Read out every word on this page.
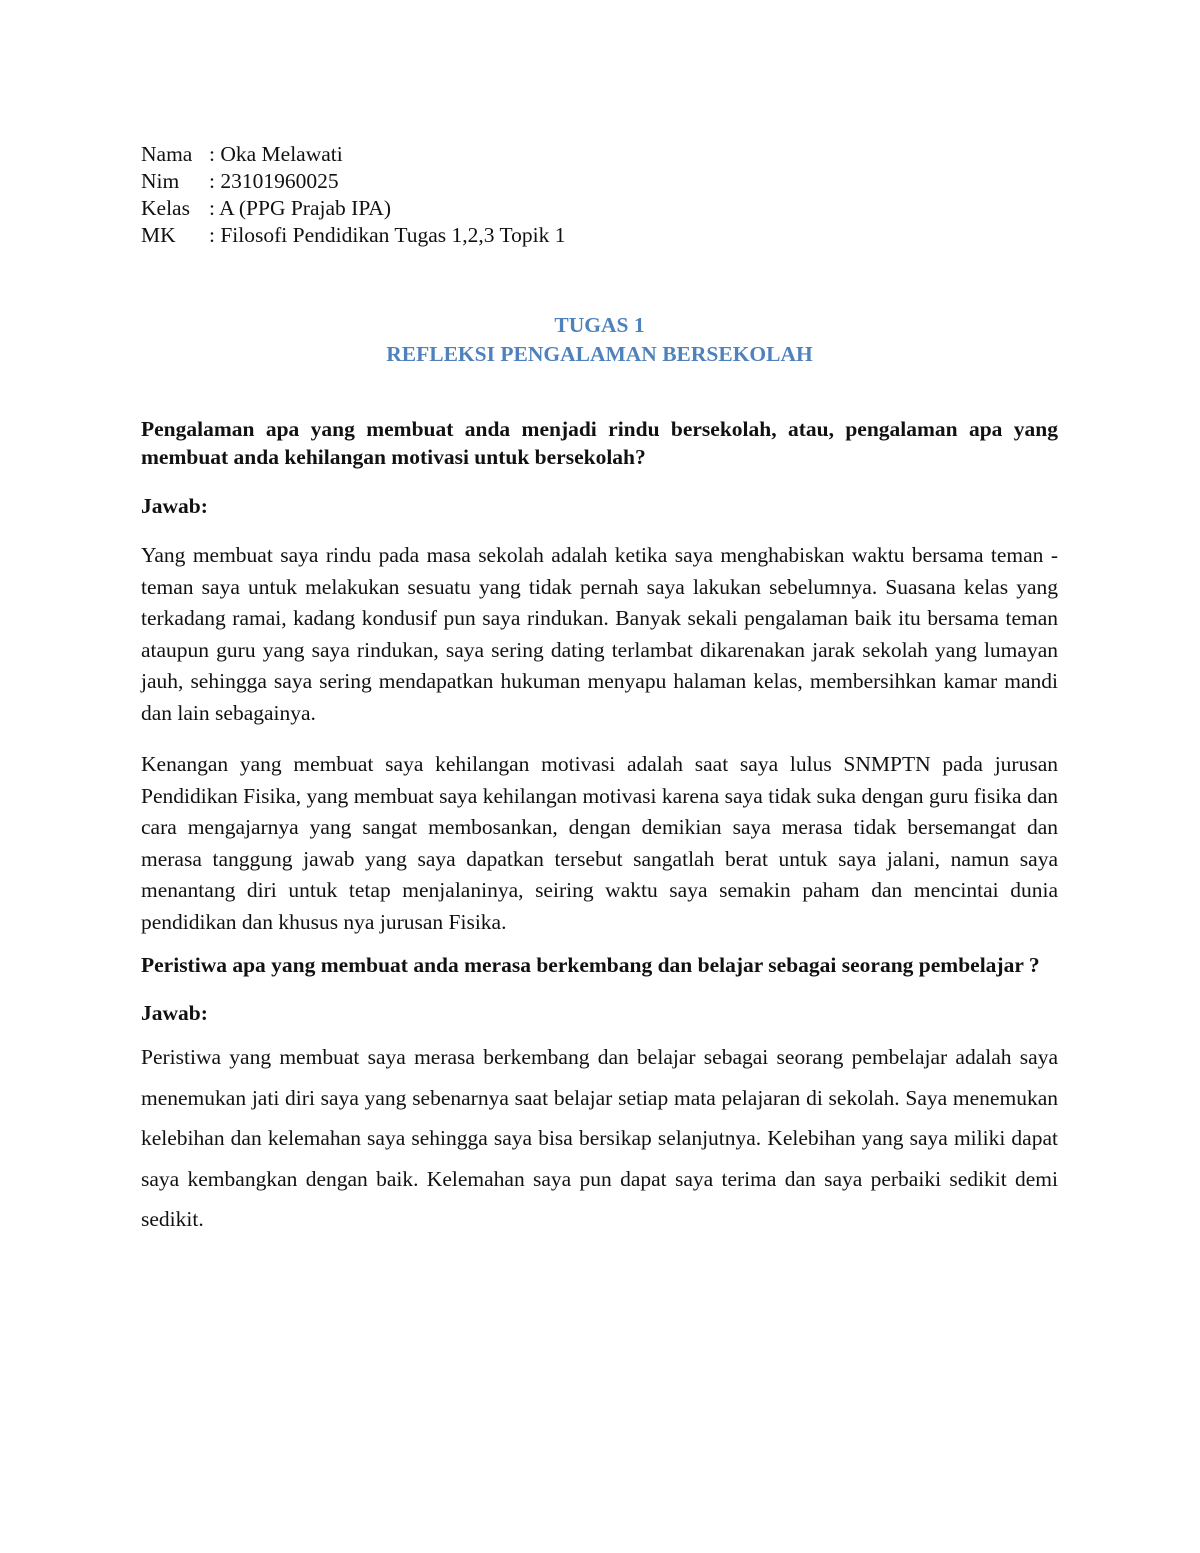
Nama : Oka Melawati
Nim	: 23101960025
Kelas : A (PPG Prajab IPA)
MK	: Filosofi Pendidikan Tugas 1,2,3 Topik 1
TUGAS 1
REFLEKSI PENGALAMAN BERSEKOLAH
Pengalaman apa yang membuat anda menjadi rindu bersekolah, atau, pengalaman apa yang membuat anda kehilangan motivasi untuk bersekolah?
Jawab:
Yang membuat saya rindu pada masa sekolah adalah ketika saya menghabiskan waktu bersama teman - teman saya untuk melakukan sesuatu yang tidak pernah saya lakukan sebelumnya. Suasana kelas yang terkadang ramai, kadang kondusif pun saya rindukan. Banyak sekali pengalaman baik itu bersama teman ataupun guru yang saya rindukan, saya sering dating terlambat dikarenakan jarak sekolah yang lumayan jauh, sehingga saya sering mendapatkan hukuman menyapu halaman kelas, membersihkan kamar mandi dan lain sebagainya.
Kenangan yang membuat saya kehilangan motivasi adalah saat saya lulus SNMPTN pada jurusan Pendidikan Fisika, yang membuat saya kehilangan motivasi karena saya tidak suka dengan guru fisika dan cara mengajarnya yang sangat membosankan, dengan demikian saya merasa tidak bersemangat dan merasa tanggung jawab yang saya dapatkan tersebut sangatlah berat untuk saya jalani, namun saya menantang diri untuk tetap menjalaninya, seiring waktu saya semakin paham dan mencintai dunia pendidikan dan khusus nya jurusan Fisika.
Peristiwa apa yang membuat anda merasa berkembang dan belajar sebagai seorang pembelajar ?
Jawab:
Peristiwa yang membuat saya merasa berkembang dan belajar sebagai seorang pembelajar adalah saya menemukan jati diri saya yang sebenarnya saat belajar setiap mata pelajaran di sekolah. Saya menemukan kelebihan dan kelemahan saya sehingga saya bisa bersikap selanjutnya. Kelebihan yang saya miliki dapat saya kembangkan dengan baik. Kelemahan saya pun dapat saya terima dan saya perbaiki sedikit demi sedikit.
